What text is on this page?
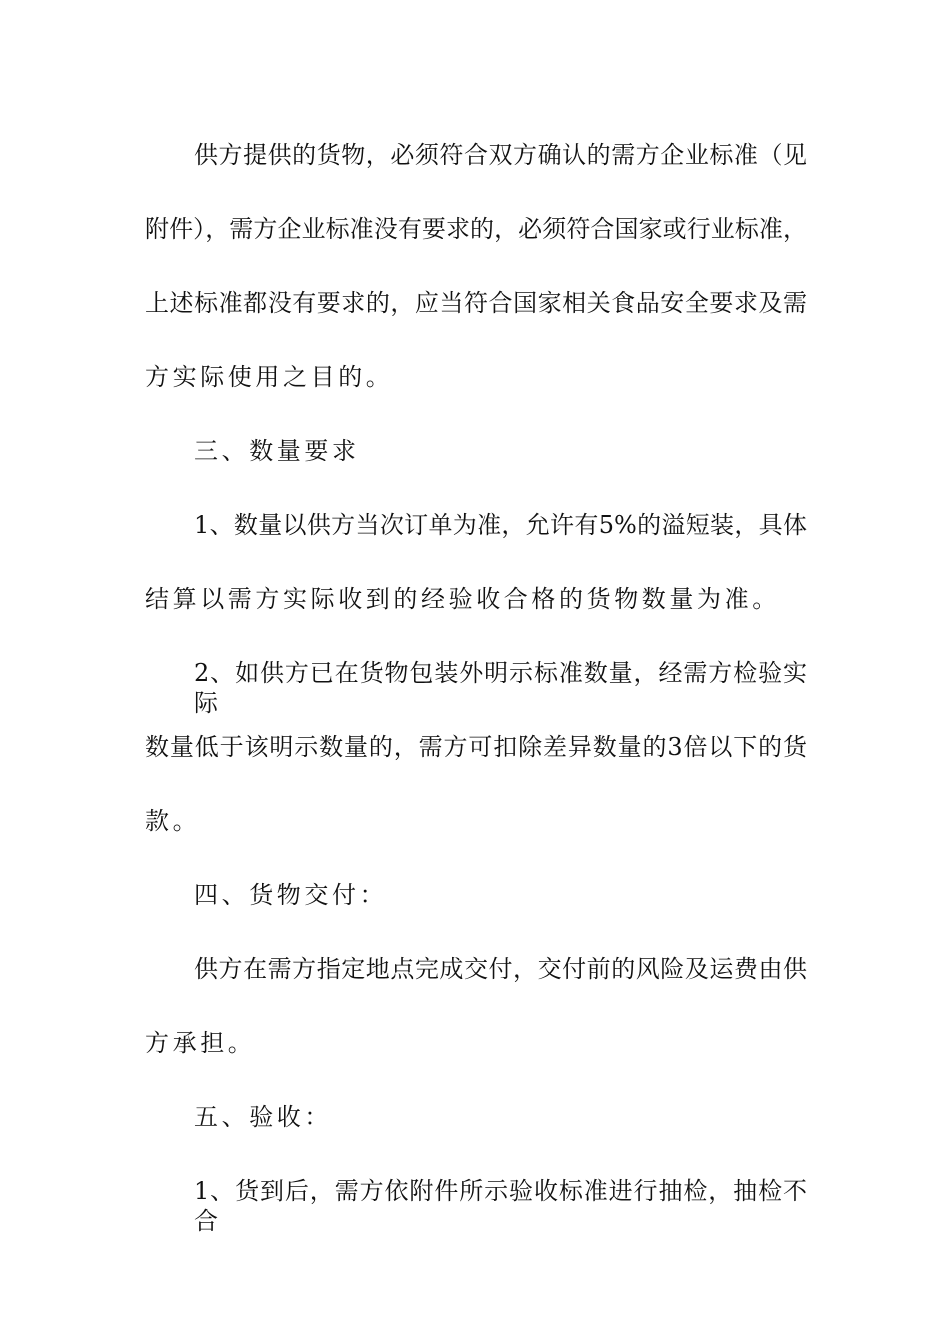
供方提供的货物，必须符合双方确认的需方企业标准（见
附件），需方企业标准没有要求的，必须符合国家或行业标准，
上述标准都没有要求的，应当符合国家相关食品安全要求及需
方实际使用之目的。
三、数量要求
1、数量以供方当次订单为准，允许有5%的溢短装，具体
结算以需方实际收到的经验收合格的货物数量为准。
2、如供方已在货物包装外明示标准数量，经需方检验实际
数量低于该明示数量的，需方可扣除差异数量的3倍以下的货
款。
四、货物交付：
供方在需方指定地点完成交付，交付前的风险及运费由供
方承担。
五、验收：
1、货到后，需方依附件所示验收标准进行抽检，抽检不合
